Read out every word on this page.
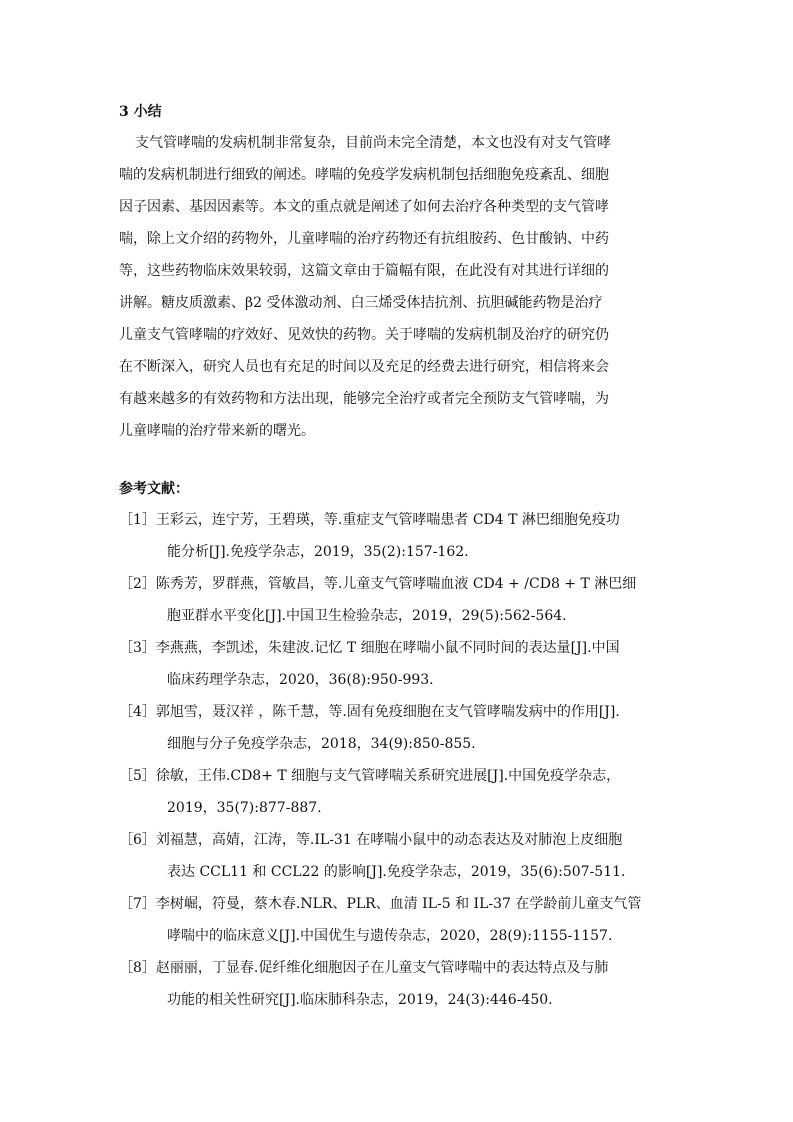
3 小结
支气管哮喘的发病机制非常复杂，目前尚未完全清楚，本文也没有对支气管哮
喘的发病机制进行细致的阐述。哮喘的免疫学发病机制包括细胞免疫紊乱、细胞
因子因素、基因因素等。本文的重点就是阐述了如何去治疗各种类型的支气管哮
喘，除上文介绍的药物外，儿童哮喘的治疗药物还有抗组胺药、色甘酸钠、中药
等，这些药物临床效果较弱，这篇文章由于篇幅有限，在此没有对其进行详细的
讲解。糖皮质激素、β2 受体激动剂、白三烯受体拮抗剂、抗胆碱能药物是治疗
儿童支气管哮喘的疗效好、见效快的药物。关于哮喘的发病机制及治疗的研究仍
在不断深入，研究人员也有充足的时间以及充足的经费去进行研究，相信将来会
有越来越多的有效药物和方法出现，能够完全治疗或者完全预防支气管哮喘，为
儿童哮喘的治疗带来新的曙光。
参考文献：
［1］王彩云，连宁芳，王碧瑛，等.重症支气管哮喘患者 CD4 T 淋巴细胞免疫功
能分析[J].免疫学杂志，2019，35(2):157-162.
［2］陈秀芳，罗群燕，管敏昌，等.儿童支气管哮喘血液 CD4 + /CD8 + T 淋巴细
胞亚群水平变化[J].中国卫生检验杂志，2019，29(5):562-564.
［3］李燕燕，李凯述，朱建波.记忆 T 细胞在哮喘小鼠不同时间的表达量[J].中国
临床药理学杂志，2020，36(8):950-993.
［4］郭旭雪，聂汉祥 ，陈千慧，等.固有免疫细胞在支气管哮喘发病中的作用[J].
细胞与分子免疫学杂志，2018，34(9):850-855.
［5］徐敏，王伟.CD8+ T 细胞与支气管哮喘关系研究进展[J].中国免疫学杂志，
2019，35(7):877-887.
［6］刘福慧，高婧，江涛，等.IL-31 在哮喘小鼠中的动态表达及对肺泡上皮细胞
表达 CCL11 和 CCL22 的影响[J].免疫学杂志，2019，35(6):507-511.
［7］李树崛，符曼，蔡木春.NLR、PLR、血清 IL-5 和 IL-37 在学龄前儿童支气管
哮喘中的临床意义[J].中国优生与遗传杂志，2020，28(9):1155-1157.
［8］赵丽丽，丁显春.促纤维化细胞因子在儿童支气管哮喘中的表达特点及与肺
功能的相关性研究[J].临床肺科杂志，2019，24(3):446-450.
